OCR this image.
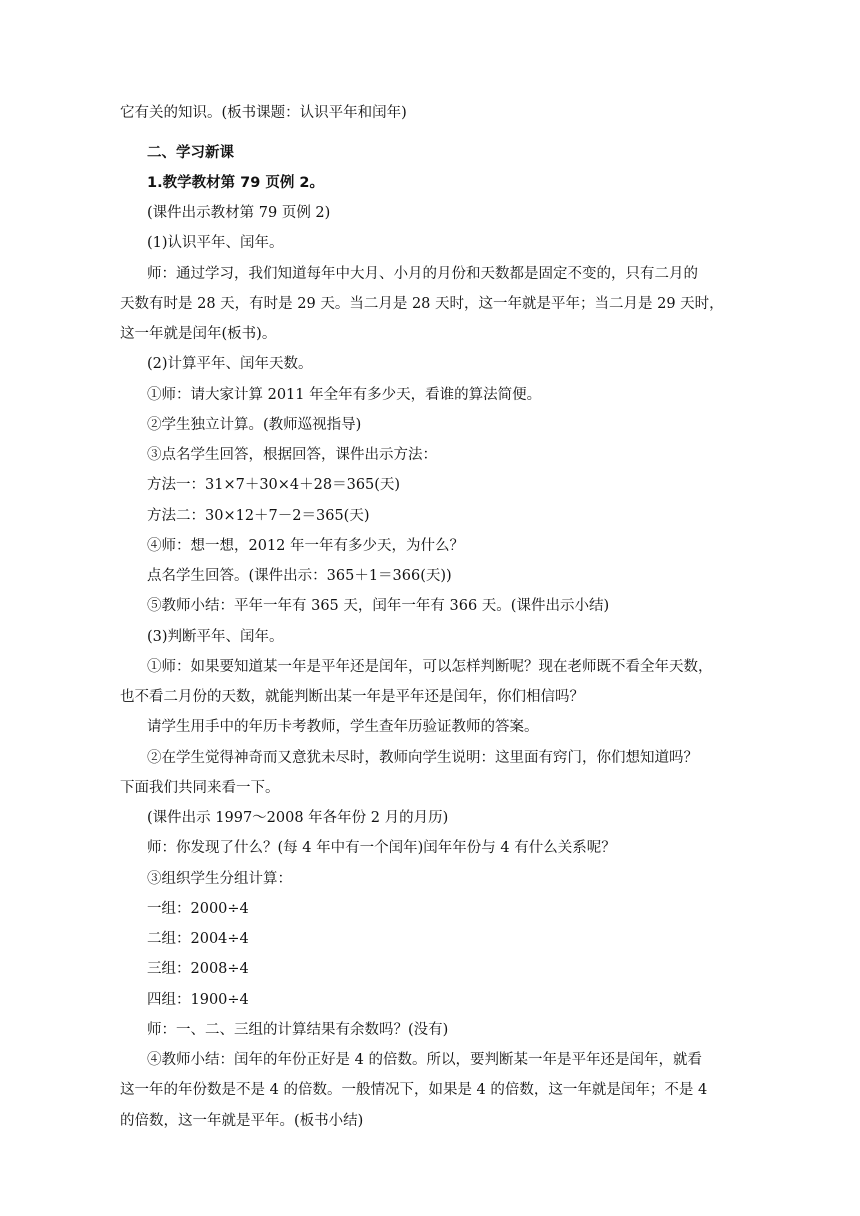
它有关的知识。(板书课题：认识平年和闰年)
二、学习新课
1.教学教材第 79 页例 2。
(课件出示教材第 79 页例 2)
(1)认识平年、闰年。
师：通过学习，我们知道每年中大月、小月的月份和天数都是固定不变的，只有二月的
天数有时是 28 天，有时是 29 天。当二月是 28 天时，这一年就是平年；当二月是 29 天时，
这一年就是闰年(板书)。
(2)计算平年、闰年天数。
①师：请大家计算 2011 年全年有多少天，看谁的算法简便。
②学生独立计算。(教师巡视指导)
③点名学生回答，根据回答，课件出示方法：
方法一：31×7＋30×4＋28＝365(天)
方法二：30×12＋7－2＝365(天)
④师：想一想，2012 年一年有多少天，为什么？
点名学生回答。(课件出示：365＋1＝366(天))
⑤教师小结：平年一年有 365 天，闰年一年有 366 天。(课件出示小结)
(3)判断平年、闰年。
①师：如果要知道某一年是平年还是闰年，可以怎样判断呢？现在老师既不看全年天数，
也不看二月份的天数，就能判断出某一年是平年还是闰年，你们相信吗？
请学生用手中的年历卡考教师，学生查年历验证教师的答案。
②在学生觉得神奇而又意犹未尽时，教师向学生说明：这里面有窍门，你们想知道吗？
下面我们共同来看一下。
(课件出示 1997～2008 年各年份 2 月的月历)
师：你发现了什么？(每 4 年中有一个闰年)闰年年份与 4 有什么关系呢？
③组织学生分组计算：
一组：2000÷4
二组：2004÷4
三组：2008÷4
四组：1900÷4
师：一、二、三组的计算结果有余数吗？(没有)
④教师小结：闰年的年份正好是 4 的倍数。所以，要判断某一年是平年还是闰年，就看
这一年的年份数是不是 4 的倍数。一般情况下，如果是 4 的倍数，这一年就是闰年；不是 4
的倍数，这一年就是平年。(板书小结)
